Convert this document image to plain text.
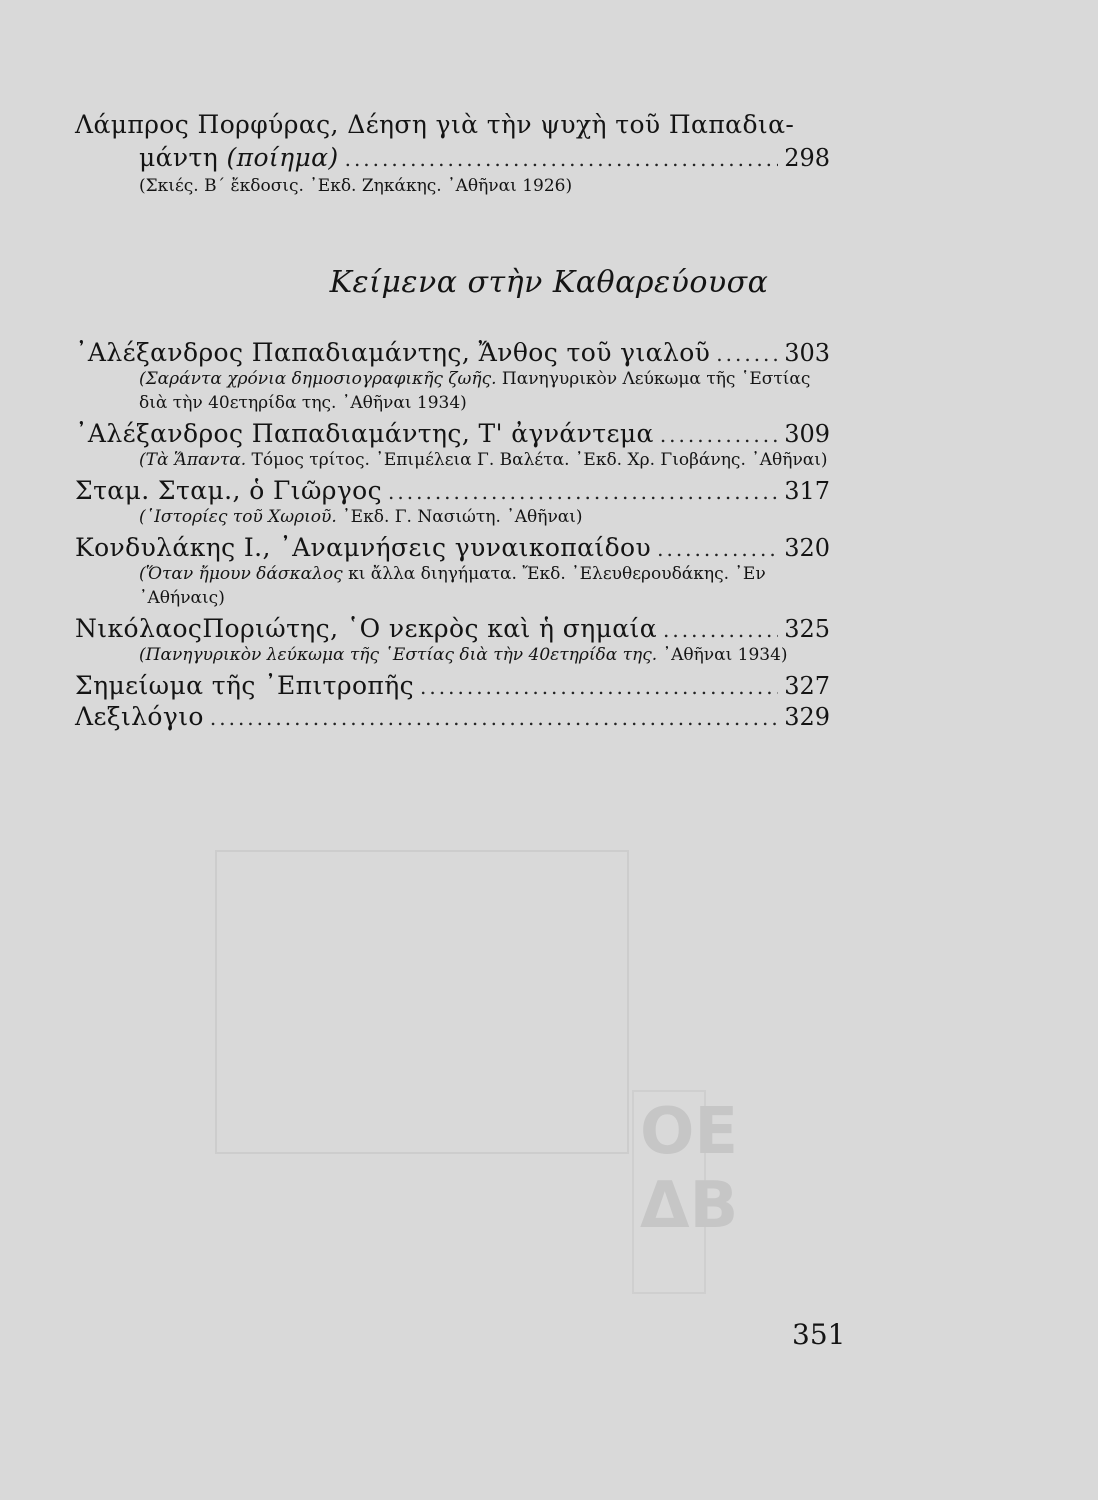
OE
ΔB
Λάμπρος Πορφύρας, Δέηση γιὰ τὴν ψυχὴ τοῦ Παπαδια-
μάντη (ποίημα) .....	298
(Σκιές. Β΄ ἔκδοσις. ᾿Εκδ. Ζηκάκης. ᾿Αθῆναι 1926)
᾿Αλέξανδρος Παπαδιαμάντης, Ἄνθος τοῦ γιαλοῦ .....	303
(Σαράντα χρόνια δημοσιογραφικῆς ζωῆς. Πανηγυρικὸν Λεύκωμα τῆς ῾Εστίας διὰ τὴν 40ετηρίδα της. ᾿Αθῆναι 1934)
᾿Αλέξανδρος Παπαδιαμάντης, Τ' ἀγνάντεμα .....	309
(Τὰ Ἅπαντα. Τόμος τρίτος. ᾿Επιμέλεια Γ. Βαλέτα. ᾿Εκδ. Χρ. Γιοβάνης. ᾿Αθῆναι)
Σταμ. Σταμ., ὁ Γιῶργος .....	317
(῾Ιστορίες τοῦ Χωριοῦ. ᾿Εκδ. Γ. Νασιώτη. ᾿Αθῆναι)
Κονδυλάκης Ι., ᾿Αναμνήσεις γυναικοπαίδου .....	320
(Ὅταν ἤμουν δάσκαλος κι ἄλλα διηγήματα. Ἔκδ. ᾿Ελευθερουδάκης. ᾿Εν ᾿Αθήναις)
ΝικόλαοςΠοριώτης, ῾Ο νεκρὸς καὶ ἡ σημαία .....	325
(Πανηγυρικὸν λεύκωμα τῆς ῾Εστίας διὰ τὴν 40ετηρίδα της. ᾿Αθῆναι 1934)
Σημείωμα τῆς ᾿Επιτροπῆς .....	327
Λεξιλόγιο .....	329
Κείμενα στὴν Καθαρεύουσα
351
